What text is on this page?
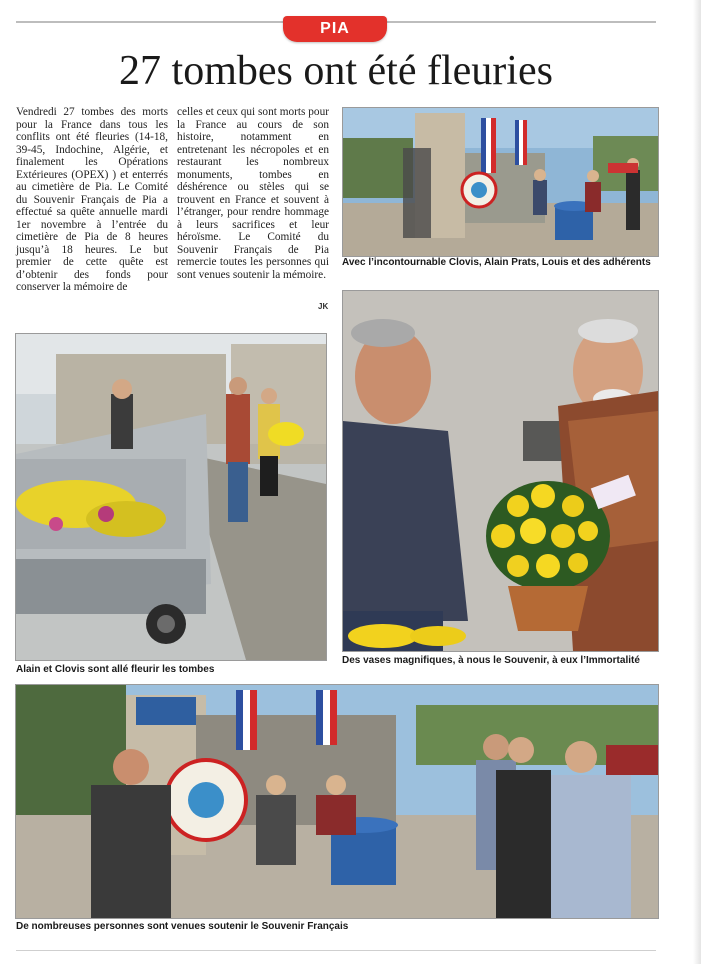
PIA
27 tombes ont été fleuries

Vendredi 27 tombes des morts pour la France dans tous les conflits ont été fleuries (14-18, 39-45, Indochine, Algérie, et finalement les Opérations Extérieures (OPEX) ) et enterrés au cimetière de Pia. Le Comité du Souvenir Français de Pia a effectué sa quête annuelle mardi 1er novembre à l’entrée du cimetière de Pia de 8 heures jusqu’à 18 heures. Le but premier de cette quête est d’obtenir des fonds pour conserver la mémoire de

celles et ceux qui sont morts pour la France au cours de son histoire, notamment en entretenant les nécropoles et en restaurant les nombreux monuments, tombes en déshérence ou stèles qui se trouvent en France et souvent à l’étranger, pour rendre hommage à leurs sacrifices et leur héroïsme. Le Comité du Souvenir Français de Pia remercie toutes les personnes qui sont venues soutenir la mémoire.

JK
Avec l’incontournable Clovis, Alain Prats, Louis et des adhérents
Alain et Clovis sont allé fleurir les tombes
Des vases magnifiques, à nous le Souvenir, à eux l’Immortalité
De nombreuses personnes sont venues soutenir le Souvenir Français
